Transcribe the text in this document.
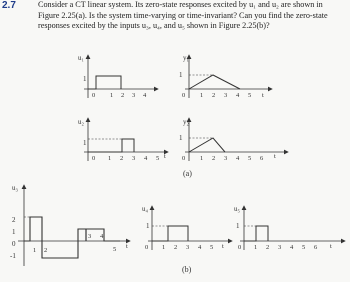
2.7	Consider a CT linear system. Its zero-state responses excited by u₁ and u₂ are shown in Figure 2.25(a). Is the system time-varying or time-invariant? Can you find the zero-state responses excited by the inputs u₃, u₄, and u₅ shown in Figure 2.25(b)?

u₁
1
0 1 2 3 4
y₁
1
0 1 2 3 4 5 t
u₂
1
0 1 2 3 4 5 t
y₂
1
0 1 2 3 4 5 6 t
(a)
u₃
2
1
0
-1
1 2
3 4
5 t
u₄
1
0 1 2 3 4 5 t
u₅
1
0 1 2 3 4 5 6 t
(b)
